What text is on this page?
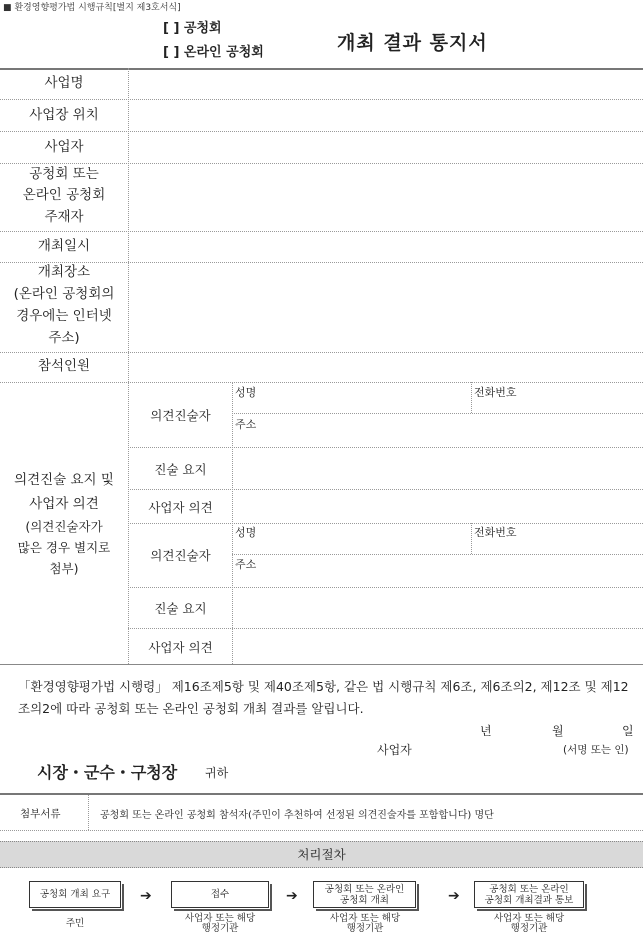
■ 환경영향평가법 시행규칙[별지 제3호서식]
[ ] 공청회
[ ] 온라인 공청회	개최 결과 통지서
사업명
사업장 위치
사업자
공청회 또는
온라인 공청회
주재자
개최일시
개최장소
(온라인 공청회의
경우에는 인터넷
주소)
참석인원
의견진술 요지 및
사업자 의견
(의견진술자가
많은 경우 별지로
첨부)
의견진술자
성명	전화번호
주소
진술 요지
사업자 의견
의견진술자
성명	전화번호
주소
진술 요지
사업자 의견
「환경영향평가법 시행령」 제16조제5항 및 제40조제5항, 같은 법 시행규칙 제6조, 제6조의2, 제12조 및 제12조의2에 따라 공청회 또는 온라인 공청회 개최 결과를 알립니다.
년	월	일
사업자	(서명 또는 인)
시장・군수・구청장 귀하
첨부서류	공청회 또는 온라인 공청회 참석자(주민이 추천하여 선정된 의견진술자를 포함합니다) 명단
처리절차
공청회 개최 요구	접수	공청회 또는 온라인
공청회 개최
공청회 또는 온라인
공청회 개최결과 통보
➔	➔	➔
주민	사업자 또는 해당
행정기관
사업자 또는 해당
행정기관
사업자 또는 해당
행정기관
